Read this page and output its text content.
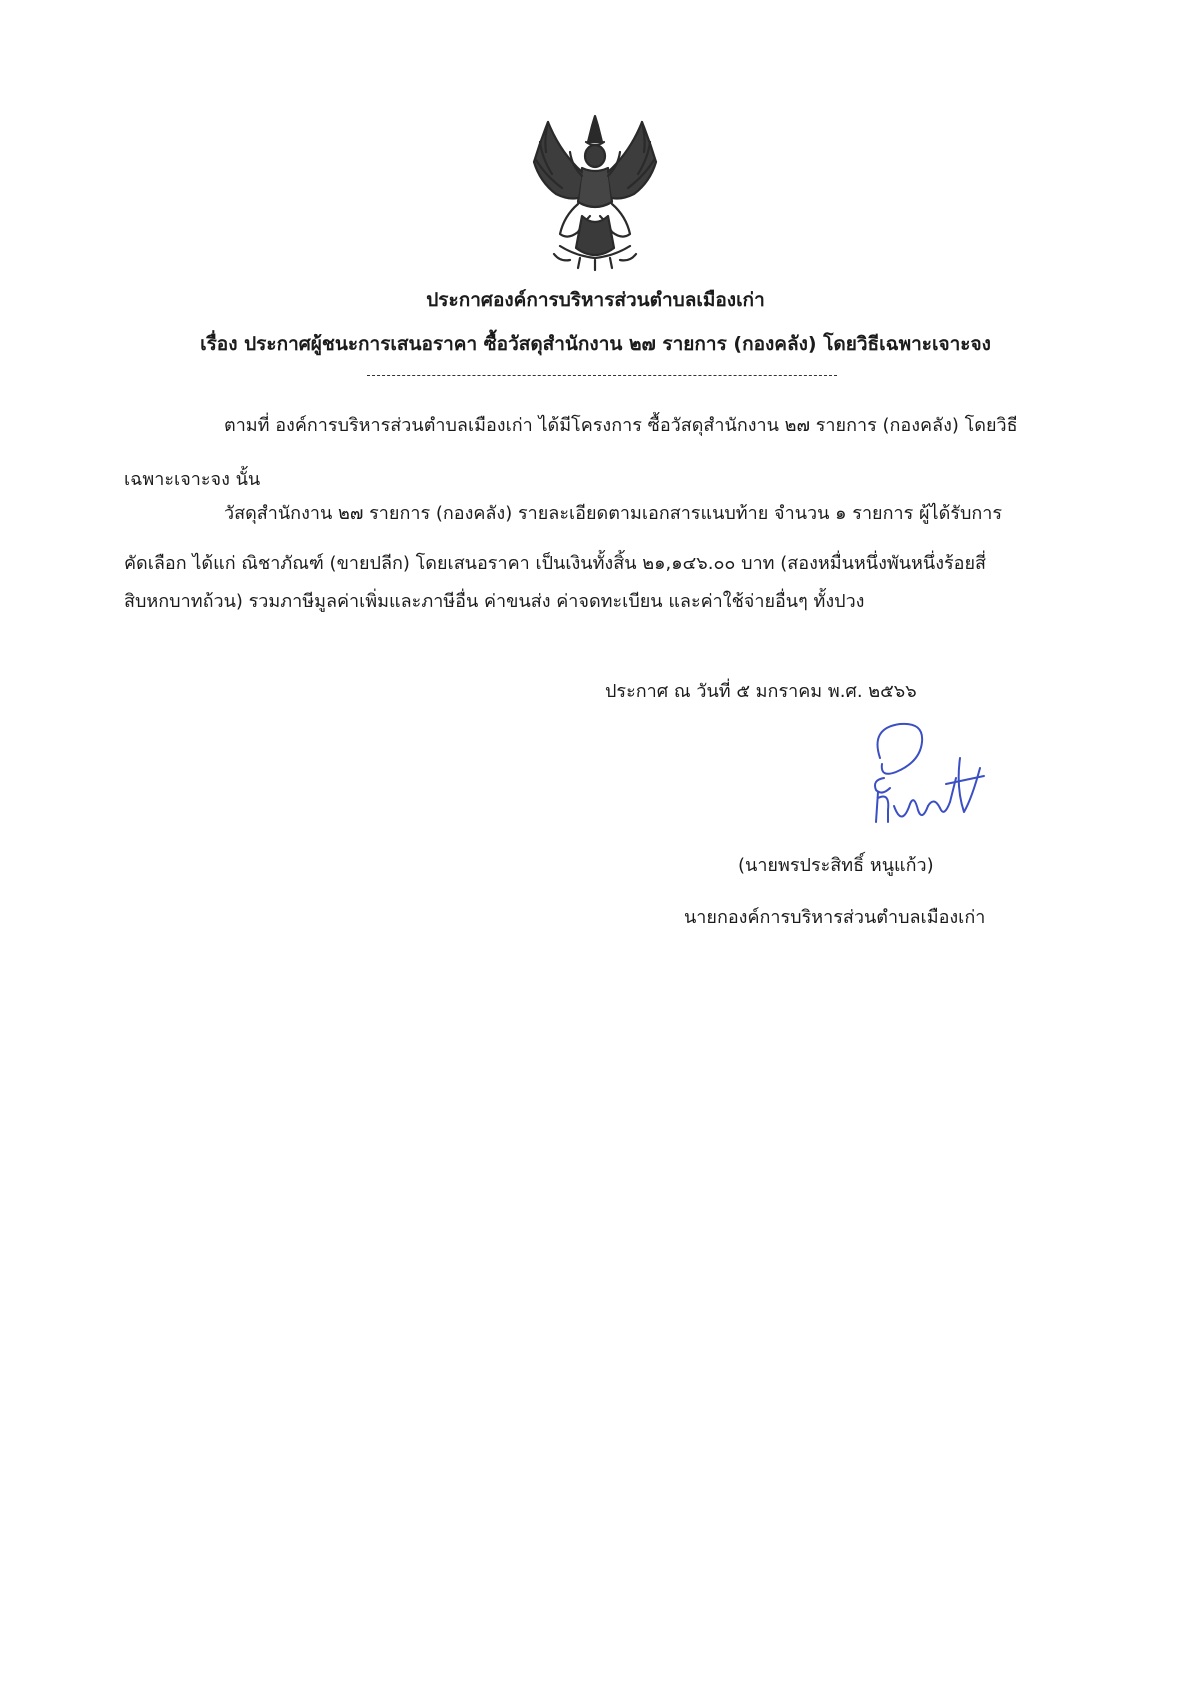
ประกาศองค์การบริหารส่วนตำบลเมืองเก่า
เรื่อง ประกาศผู้ชนะการเสนอราคา ซื้อวัสดุสำนักงาน ๒๗ รายการ (กองคลัง) โดยวิธีเฉพาะเจาะจง
ตามที่ องค์การบริหารส่วนตำบลเมืองเก่า ได้มีโครงการ ซื้อวัสดุสำนักงาน ๒๗ รายการ (กองคลัง) โดยวิธี
เฉพาะเจาะจง นั้น
วัสดุสำนักงาน ๒๗ รายการ (กองคลัง) รายละเอียดตามเอกสารแนบท้าย จำนวน ๑ รายการ ผู้ได้รับการ
คัดเลือก ได้แก่ ณิชาภัณฑ์ (ขายปลีก) โดยเสนอราคา เป็นเงินทั้งสิ้น ๒๑,๑๔๖.๐๐ บาท (สองหมื่นหนึ่งพันหนึ่งร้อยสี่
สิบหกบาทถ้วน) รวมภาษีมูลค่าเพิ่มและภาษีอื่น ค่าขนส่ง ค่าจดทะเบียน และค่าใช้จ่ายอื่นๆ ทั้งปวง
ประกาศ ณ วันที่ ๕ มกราคม พ.ศ. ๒๕๖๖
(นายพรประสิทธิ์ หนูแก้ว)
นายกองค์การบริหารส่วนตำบลเมืองเก่า
